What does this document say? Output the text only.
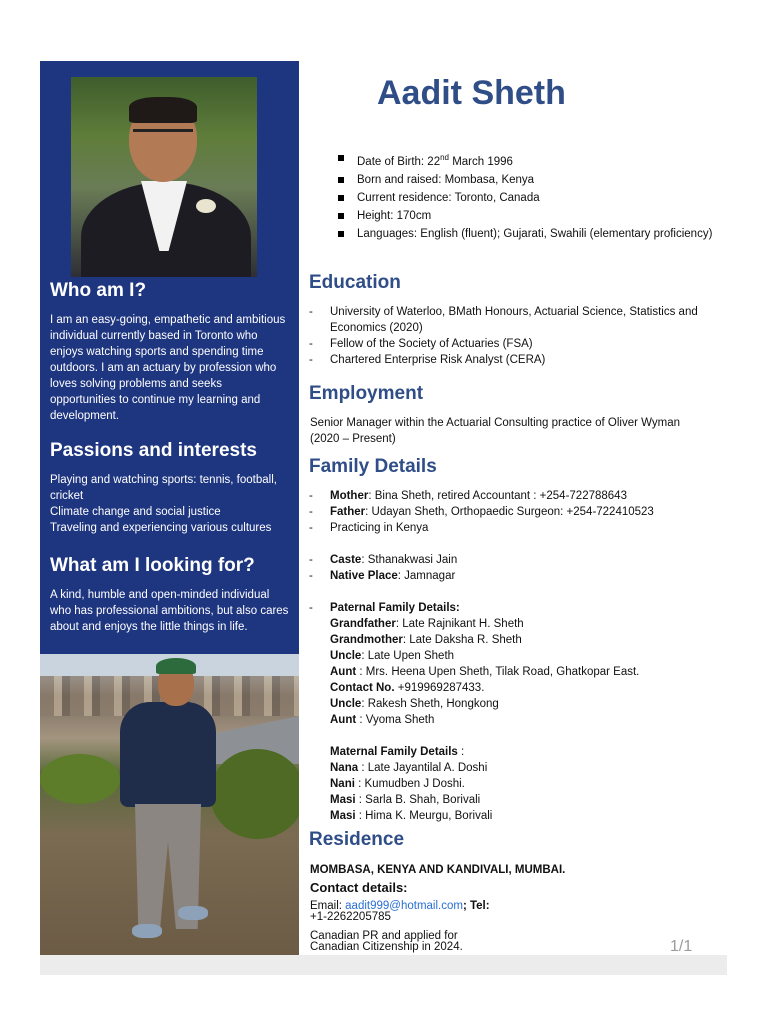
Who am I?

I am an easy-going, empathetic and ambitious individual currently based in Toronto who enjoys watching sports and spending time outdoors. I am an actuary by profession who loves solving problems and seeks opportunities to continue my learning and development.

Passions and interests
Playing and watching sports: tennis, football, cricket
Climate change and social justice
Traveling and experiencing various cultures
What am I looking for?

A kind, humble and open-minded individual who has professional ambitions, but also cares about and enjoys the little things in life.

Aadit Sheth
Date of Birth: 22nd March 1996
Born and raised: Mombasa, Kenya
Current residence: Toronto, Canada
Height: 170cm
Languages: English (fluent); Gujarati, Swahili (elementary proficiency)
Education
- University of Waterloo, BMath Honours, Actuarial Science, Statistics and Economics (2020)
- Fellow of the Society of Actuaries (FSA)
- Chartered Enterprise Risk Analyst (CERA)
Employment

Senior Manager within the Actuarial Consulting practice of Oliver Wyman (2020 – Present)

Family Details
- Mother: Bina Sheth, retired Accountant : +254-722788643
- Father: Udayan Sheth, Orthopaedic Surgeon: +254-722410523
- Practicing in Kenya

- Caste: Sthanakwasi Jain
- Native Place: Jamnagar

- Paternal Family Details:
Grandfather: Late Rajnikant H. Sheth
Grandmother: Late Daksha R. Sheth
Uncle: Late Upen Sheth
Aunt : Mrs. Heena Upen Sheth, Tilak Road, Ghatkopar East.
Contact No. +919969287433.
Uncle: Rakesh Sheth, Hongkong
Aunt : Vyoma Sheth

Maternal Family Details :
Nana : Late Jayantilal A. Doshi
Nani : Kumudben J Doshi.
Masi : Sarla B. Shah, Borivali
Masi : Hima K. Meurgu, Borivali
Residence

MOMBASA, KENYA AND KANDIVALI, MUMBAI.

Contact details:

Email: aadit999@hotmail.com; Tel:
+1-2262205785

Canadian PR and applied for Canadian Citizenship in 2024.	1/1
